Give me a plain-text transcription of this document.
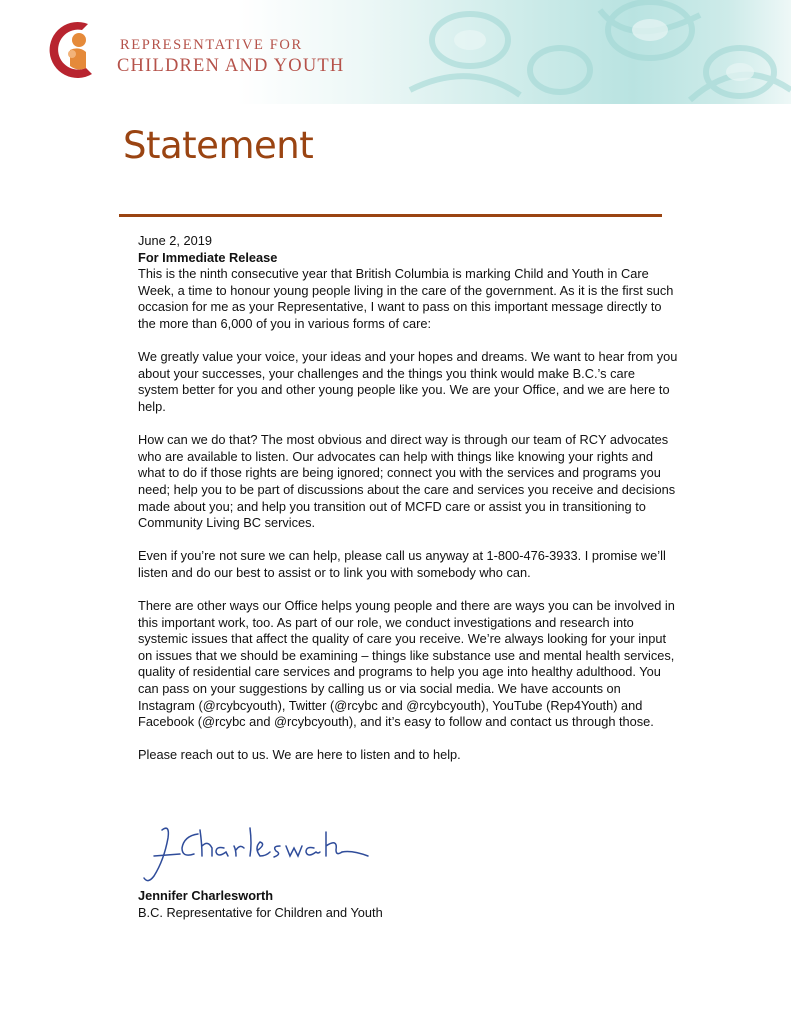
REPRESENTATIVE FOR
CHILDREN AND YOUTH
Statement

June 2, 2019

For Immediate Release

This is the ninth consecutive year that British Columbia is marking Child and Youth in Care Week, a time to honour young people living in the care of the government. As it is the first such occasion for me as your Representative, I want to pass on this important message directly to the more than 6,000 of you in various forms of care:

We greatly value your voice, your ideas and your hopes and dreams. We want to hear from you about your successes, your challenges and the things you think would make B.C.’s care system better for you and other young people like you. We are your Office, and we are here to help.

How can we do that? The most obvious and direct way is through our team of RCY advocates who are available to listen. Our advocates can help with things like knowing your rights and what to do if those rights are being ignored; connect you with the services and programs you need; help you to be part of discussions about the care and services you receive and decisions made about you; and help you transition out of MCFD care or assist you in transitioning to Community Living BC services.

Even if you’re not sure we can help, please call us anyway at 1-800-476-3933. I promise we’ll listen and do our best to assist or to link you with somebody who can.

There are other ways our Office helps young people and there are ways you can be involved in this important work, too. As part of our role, we conduct investigations and research into systemic issues that affect the quality of care you receive. We’re always looking for your input on issues that we should be examining – things like substance use and mental health services, quality of residential care services and programs to help you age into healthy adulthood. You can pass on your suggestions by calling us or via social media. We have accounts on Instagram (@rcybcyouth), Twitter (@rcybc and @rcybcyouth), YouTube (Rep4Youth) and Facebook (@rcybc and @rcybcyouth), and it’s easy to follow and contact us through those.

Please reach out to us. We are here to listen and to help.

Jennifer Charlesworth
B.C. Representative for Children and Youth
